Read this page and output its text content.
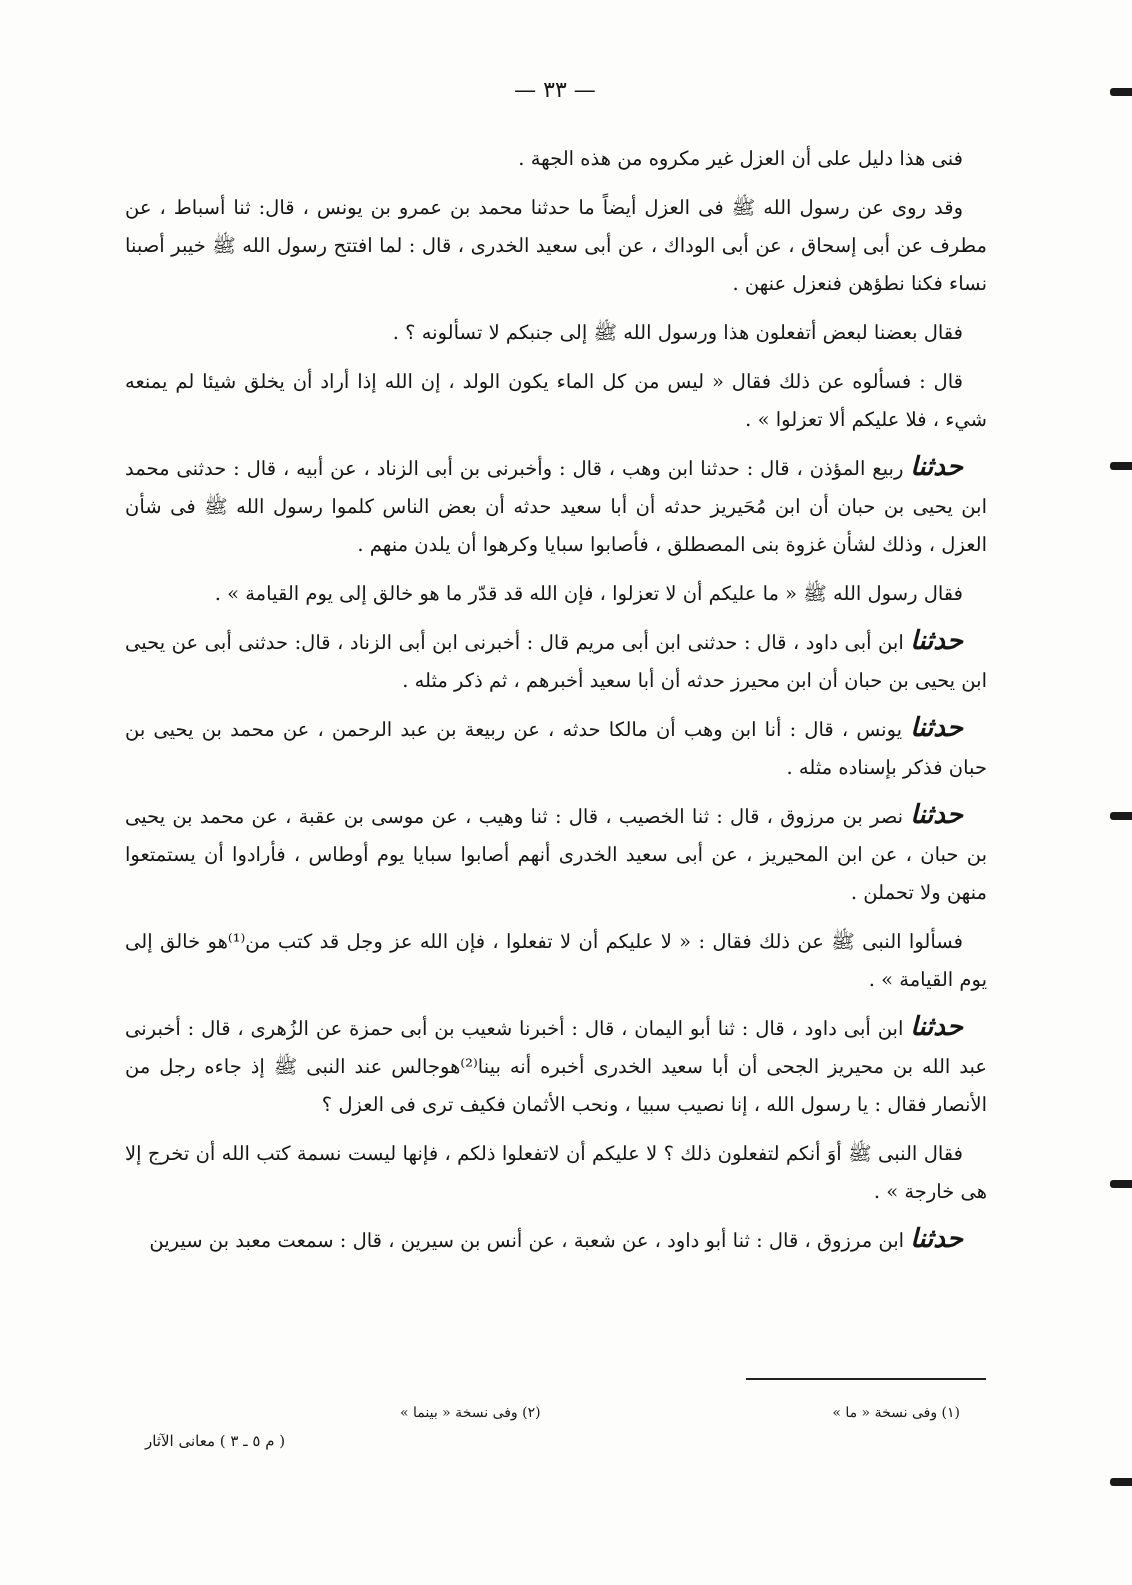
— ٣٣ —

فنى هذا دليل على أن العزل غير مكروه من هذه الجهة .

وقد روى عن رسول الله ﷺ فى العزل أيضاً ما حدثنا محمد بن عمرو بن يونس ، قال: ثنا أسباط ، عن مطرف عن أبى إسحاق ، عن أبى الوداك ، عن أبى سعيد الخدرى ، قال : لما افتتح رسول الله ﷺ خيبر أصبنا نساء فكنا نطؤهن فنعزل عنهن .

فقال بعضنا لبعض أتفعلون هذا ورسول الله ﷺ إلى جنبكم لا تسألونه ؟ .

قال : فسألوه عن ذلك فقال « ليس من كل الماء يكون الولد ، إن الله إذا أراد أن يخلق شيئا لم يمنعه شيء ، فلا عليكم ألا تعزلوا » .

حدثنا ربيع المؤذن ، قال : حدثنا ابن وهب ، قال : وأخبرنى بن أبى الزناد ، عن أبيه ، قال : حدثنى محمد ابن يحيى بن حبان أن ابن مُحَيريز حدثه أن أبا سعيد حدثه أن بعض الناس كلموا رسول الله ﷺ فى شأن العزل ، وذلك لشأن غزوة بنى المصطلق ، فأصابوا سبايا وكرهوا أن يلدن منهم .

فقال رسول الله ﷺ « ما عليكم أن لا تعزلوا ، فإن الله قد قدّر ما هو خالق إلى يوم القيامة » .

حدثنا ابن أبى داود ، قال : حدثنى ابن أبى مريم قال : أخبرنى ابن أبى الزناد ، قال: حدثنى أبى عن يحيى ابن يحيى بن حبان أن ابن محيرز حدثه أن أبا سعيد أخبرهم ، ثم ذكر مثله .

حدثنا يونس ، قال : أنا ابن وهب أن مالكا حدثه ، عن ربيعة بن عبد الرحمن ، عن محمد بن يحيى بن حبان فذكر بإسناده مثله .

حدثنا نصر بن مرزوق ، قال : ثنا الخصيب ، قال : ثنا وهيب ، عن موسى بن عقبة ، عن محمد بن يحيى بن حبان ، عن ابن المحيريز ، عن أبى سعيد الخدرى أنهم أصابوا سبايا يوم أوطاس ، فأرادوا أن يستمتعوا منهن ولا تحملن .

فسألوا النبى ﷺ عن ذلك فقال : « لا عليكم أن لا تفعلوا ، فإن الله عز وجل قد كتب من⁽¹⁾هو خالق إلى يوم القيامة » .

حدثنا ابن أبى داود ، قال : ثنا أبو اليمان ، قال : أخبرنا شعيب بن أبى حمزة عن الزُهرى ، قال : أخبرنى عبد الله بن محيريز الجحى أن أبا سعيد الخدرى أخبره أنه بينا⁽²⁾هوجالس عند النبى ﷺ إذ جاءه رجل من الأنصار فقال : يا رسول الله ، إنا نصيب سبيا ، ونحب الأثمان فكيف ترى فى العزل ؟

فقال النبى ﷺ أوَ أنكم لتفعلون ذلك ؟ لا عليكم أن لاتفعلوا ذلكم ، فإنها ليست نسمة كتب الله أن تخرج إلا هى خارجة » .

حدثنا ابن مرزوق ، قال : ثنا أبو داود ، عن شعبة ، عن أنس بن سيرين ، قال : سمعت معبد بن سيرين

(١) وفى نسخة « ما »
(٢) وفى نسخة « بينما »
( م ٥ ـ ٣ ) معانى الآثار
